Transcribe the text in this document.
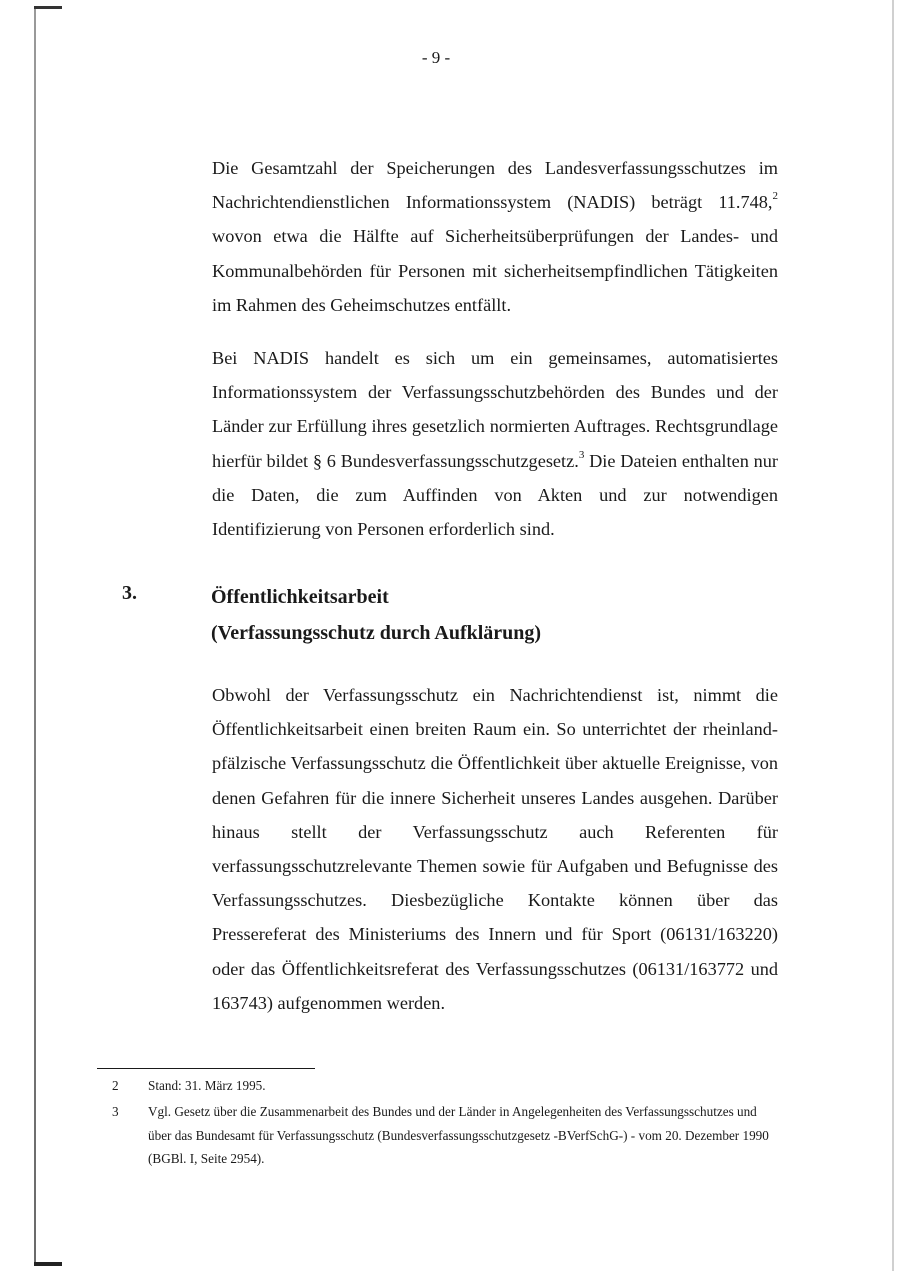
- 9 -

Die Gesamtzahl der Speicherungen des Landesverfassungsschutzes im Nachrichtendienstlichen Informationssystem (NADIS) beträgt 11.748,$^2$ wovon etwa die Hälfte auf Sicherheitsüberprüfungen der Landes- und Kommunalbehörden für Personen mit sicherheitsempfindlichen Tätigkeiten im Rahmen des Geheimschutzes entfällt.

Bei NADIS handelt es sich um ein gemeinsames, automatisiertes Informationssystem der Verfassungsschutzbehörden des Bundes und der Länder zur Erfüllung ihres gesetzlich normierten Auftrages. Rechtsgrundlage hierfür bildet § 6 Bundesverfassungsschutzgesetz.$^3$ Die Dateien enthalten nur die Daten, die zum Auffinden von Akten und zur notwendigen Identifizierung von Personen erforderlich sind.

3.	Öffentlichkeitsarbeit
(Verfassungsschutz durch Aufklärung)

Obwohl der Verfassungsschutz ein Nachrichtendienst ist, nimmt die Öffentlichkeitsarbeit einen breiten Raum ein. So unterrichtet der rheinland-pfälzische Verfassungsschutz die Öffentlichkeit über aktuelle Ereignisse, von denen Gefahren für die innere Sicherheit unseres Landes ausgehen. Darüber hinaus stellt der Verfassungsschutz auch Referenten für verfassungsschutzrelevante Themen sowie für Aufgaben und Befugnisse des Verfassungsschutzes. Diesbezügliche Kontakte können über das Pressereferat des Ministeriums des Innern und für Sport (06131/163220) oder das Öffentlichkeitsreferat des Verfassungsschutzes (06131/163772 und 163743) aufgenommen werden.

2 Stand: 31. März 1995.
3 Vgl. Gesetz über die Zusammenarbeit des Bundes und der Länder in Angelegenheiten des Verfassungsschutzes und über das Bundesamt für Verfassungsschutz (Bundesverfassungsschutzgesetz -BVerfSchG-) - vom 20. Dezember 1990 (BGBl. I, Seite 2954).
